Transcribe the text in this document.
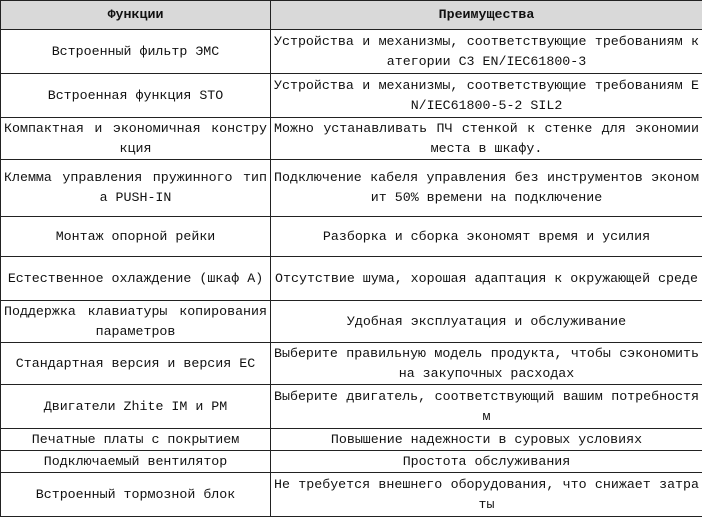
Функции	Преимущества
Встроенный фильтр ЭМС	Устройства и механизмы, соответствующие требованиям категории C3 EN/IEC61800-3
Встроенная функция STO	Устройства и механизмы, соответствующие требованиям EN/IEC61800-5-2 SIL2
Компактная и экономичная конструкция	Можно устанавливать ПЧ стенкой к стенке для экономии места в шкафу.
Клемма управления пружинного типа PUSH-IN	Подключение кабеля управления без инструментов экономит 50% времени на подключение
Монтаж опорной рейки	Разборка и сборка экономят время и усилия
Естественное охлаждение (шкаф А)	Отсутствие шума, хорошая адаптация к окружающей среде
Поддержка клавиатуры копирования параметров	Удобная эксплуатация и обслуживание
Стандартная версия и версия EC	Выберите правильную модель продукта, чтобы сэкономить на закупочных расходах
Двигатели Zhite IM и PM	Выберите двигатель, соответствующий вашим потребностям
Печатные платы с покрытием	Повышение надежности в суровых условиях
Подключаемый вентилятор	Простота обслуживания
Встроенный тормозной блок	Не требуется внешнего оборудования, что снижает затраты
